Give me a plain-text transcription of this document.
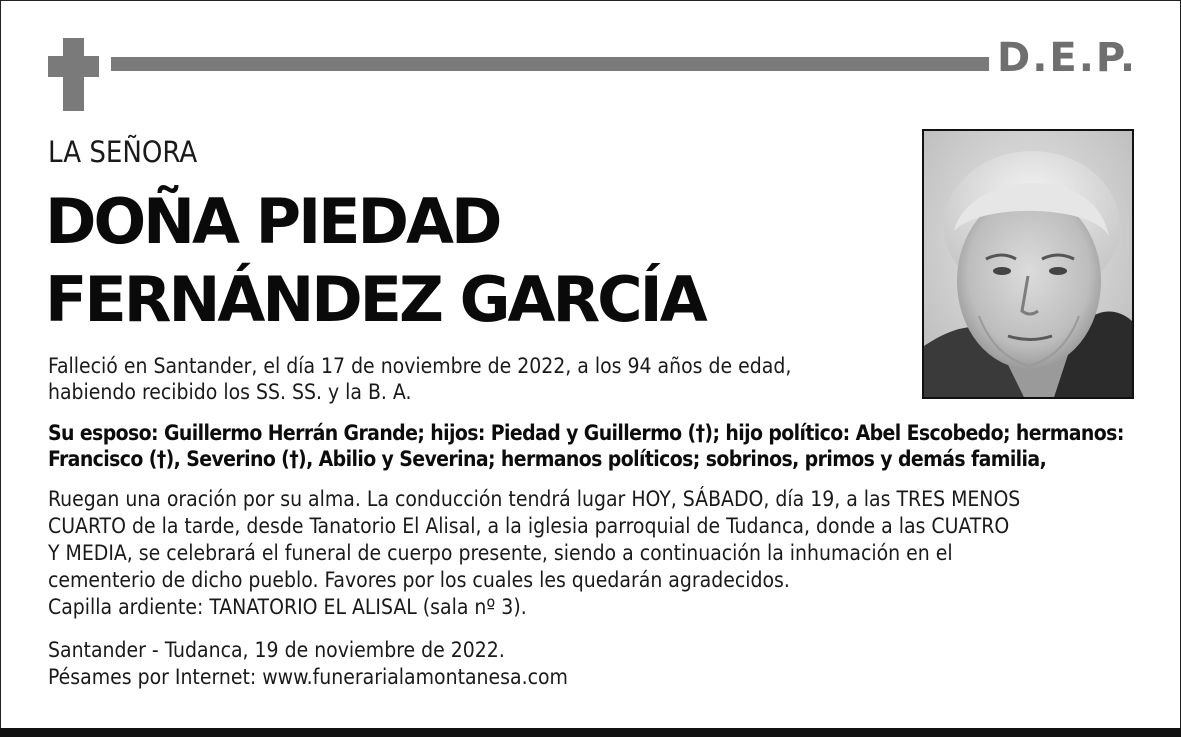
D.E.P.
LA SEÑORA
DOÑA PIEDAD
FERNÁNDEZ GARCÍA
Falleció en Santander, el día 17 de noviembre de 2022, a los 94 años de edad,
habiendo recibido los SS. SS. y la B. A.
Su esposo: Guillermo Herrán Grande; hijos: Piedad y Guillermo (†); hijo político: Abel Escobedo; hermanos:
Francisco (†), Severino (†), Abilio y Severina; hermanos políticos; sobrinos, primos y demás familia,
Ruegan una oración por su alma. La conducción tendrá lugar HOY, SÁBADO, día 19, a las TRES MENOS
CUARTO de la tarde, desde Tanatorio El Alisal, a la iglesia parroquial de Tudanca, donde a las CUATRO
Y MEDIA, se celebrará el funeral de cuerpo presente, siendo a continuación la inhumación en el
cementerio de dicho pueblo. Favores por los cuales les quedarán agradecidos.
Capilla ardiente: TANATORIO EL ALISAL (sala nº 3).
Santander - Tudanca, 19 de noviembre de 2022.
Pésames por Internet: www.funerarialamontanesa.com
